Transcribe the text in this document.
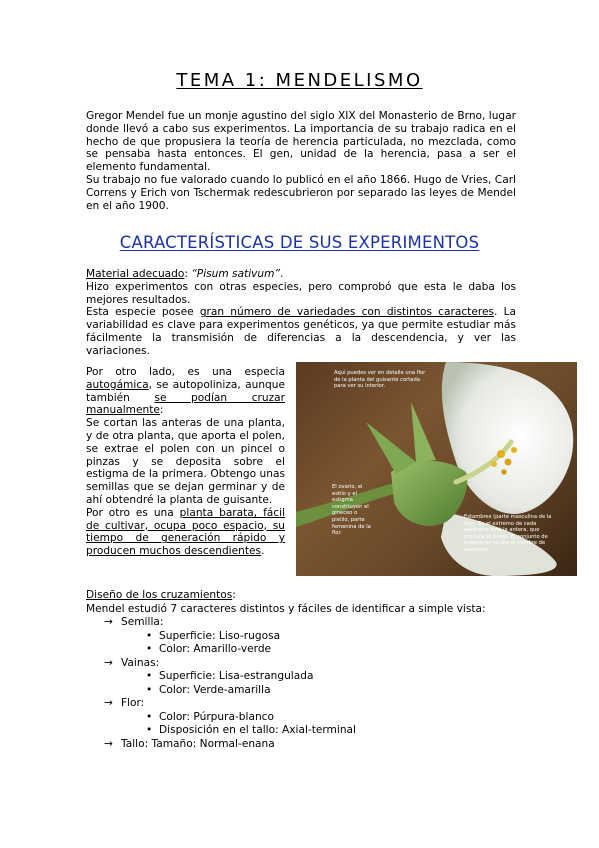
TEMA 1: MENDELISMO

Gregor Mendel fue un monje agustino del siglo XIX del Monasterio de Brno, lugar donde llevó a cabo sus experimentos. La importancia de su trabajo radica en el hecho de que propusiera la teoría de herencia particulada, no mezclada, como se pensaba hasta entonces. El gen, unidad de la herencia, pasa a ser el elemento fundamental.

Su trabajo no fue valorado cuando lo publicó en el año 1866. Hugo de Vries, Carl Correns y Erich von Tschermak redescubrieron por separado las leyes de Mendel en el año 1900.

CARACTERÍSTICAS DE SUS EXPERIMENTOS

Material adecuado: “Pisum sativum”.

Hizo experimentos con otras especies, pero comprobó que esta le daba los mejores resultados.

Esta especie posee gran número de variedades con distintos caracteres. La variabilidad es clave para experimentos genéticos, ya que permite estudiar más fácilmente la transmisión de diferencias a la descendencia, y ver las variaciones.

Por otro lado, es una especia autogámica, se autopoliniza, aunque también se podían cruzar manualmente:

Se cortan las anteras de una planta, y de otra planta, que aporta el polen, se extrae el polen con un pincel o pinzas y se deposita sobre el estigma de la primera. Obtengo unas semillas que se dejan germinar y de ahí obtendré la planta de guisante.

Por otro es una planta barata, fácil de cultivar, ocupa poco espacio, su tiempo de generación rápido y producen muchos descendientes.

Aquí puedes ver en detalle una flor de la planta del guisante cortada para ver su interior.
El ovario, el estilo y el estigma constituyen el gineceo o pistilo, parte femenina de la flor.
Estambres (parte masculina de la flor). En el extremo de cada estambre está la antera, que produce el polen. El conjunto de estambres recibe el nombre de androceo.
Diseño de los cruzamientos:
Mendel estudió 7 caracteres distintos y fáciles de identificar a simple vista:
→ Semilla:
• Superficie: Liso-rugosa
• Color: Amarillo-verde
→ Vainas:
• Superficie: Lisa-estrangulada
• Color: Verde-amarilla
→ Flor:
• Color: Púrpura-blanco
• Disposición en el tallo: Axial-terminal
→ Tallo: Tamaño: Normal-enana
